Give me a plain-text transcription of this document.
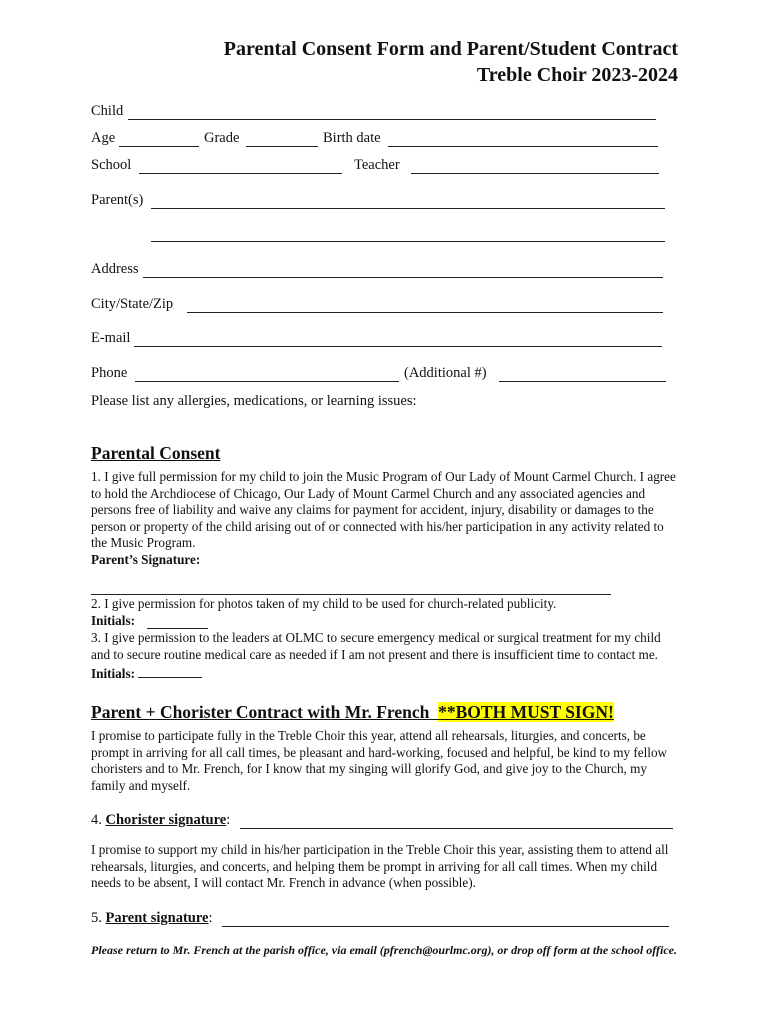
Parental Consent Form and Parent/Student Contract
Treble Choir 2023-2024
Child
Age	Grade	Birth date
School	Teacher
Parent(s)
Address
City/State/Zip
E-mail
Phone	(Additional #)
Please list any allergies, medications, or learning issues:
Parental Consent
1. I give full permission for my child to join the Music Program of Our Lady of Mount Carmel Church. I agree to hold the Archdiocese of Chicago, Our Lady of Mount Carmel Church and any associated agencies and persons free of liability and waive any claims for payment for accident, injury, disability or damages to the person or property of the child arising out of or connected with his/her participation in any activity related to the Music Program.
Parent’s Signature:
2. I give permission for photos taken of my child to be used for church-related publicity.
Initials:
3. I give permission to the leaders at OLMC to secure emergency medical or surgical treatment for my child and to secure routine medical care as needed if I am not present and there is insufficient time to contact me. Initials:
Parent + Chorister Contract with Mr. French **BOTH MUST SIGN!
I promise to participate fully in the Treble Choir this year, attend all rehearsals, liturgies, and concerts, be prompt in arriving for all call times, be pleasant and hard-working, focused and helpful, be kind to my fellow choristers and to Mr. French, for I know that my singing will glorify God, and give joy to the Church, my family and myself.
4. Chorister signature:
I promise to support my child in his/her participation in the Treble Choir this year, assisting them to attend all rehearsals, liturgies, and concerts, and helping them be prompt in arriving for all call times. When my child needs to be absent, I will contact Mr. French in advance (when possible).
5. Parent signature:
Please return to Mr. French at the parish office, via email (pfrench@ourlmc.org), or drop off form at the school office.
